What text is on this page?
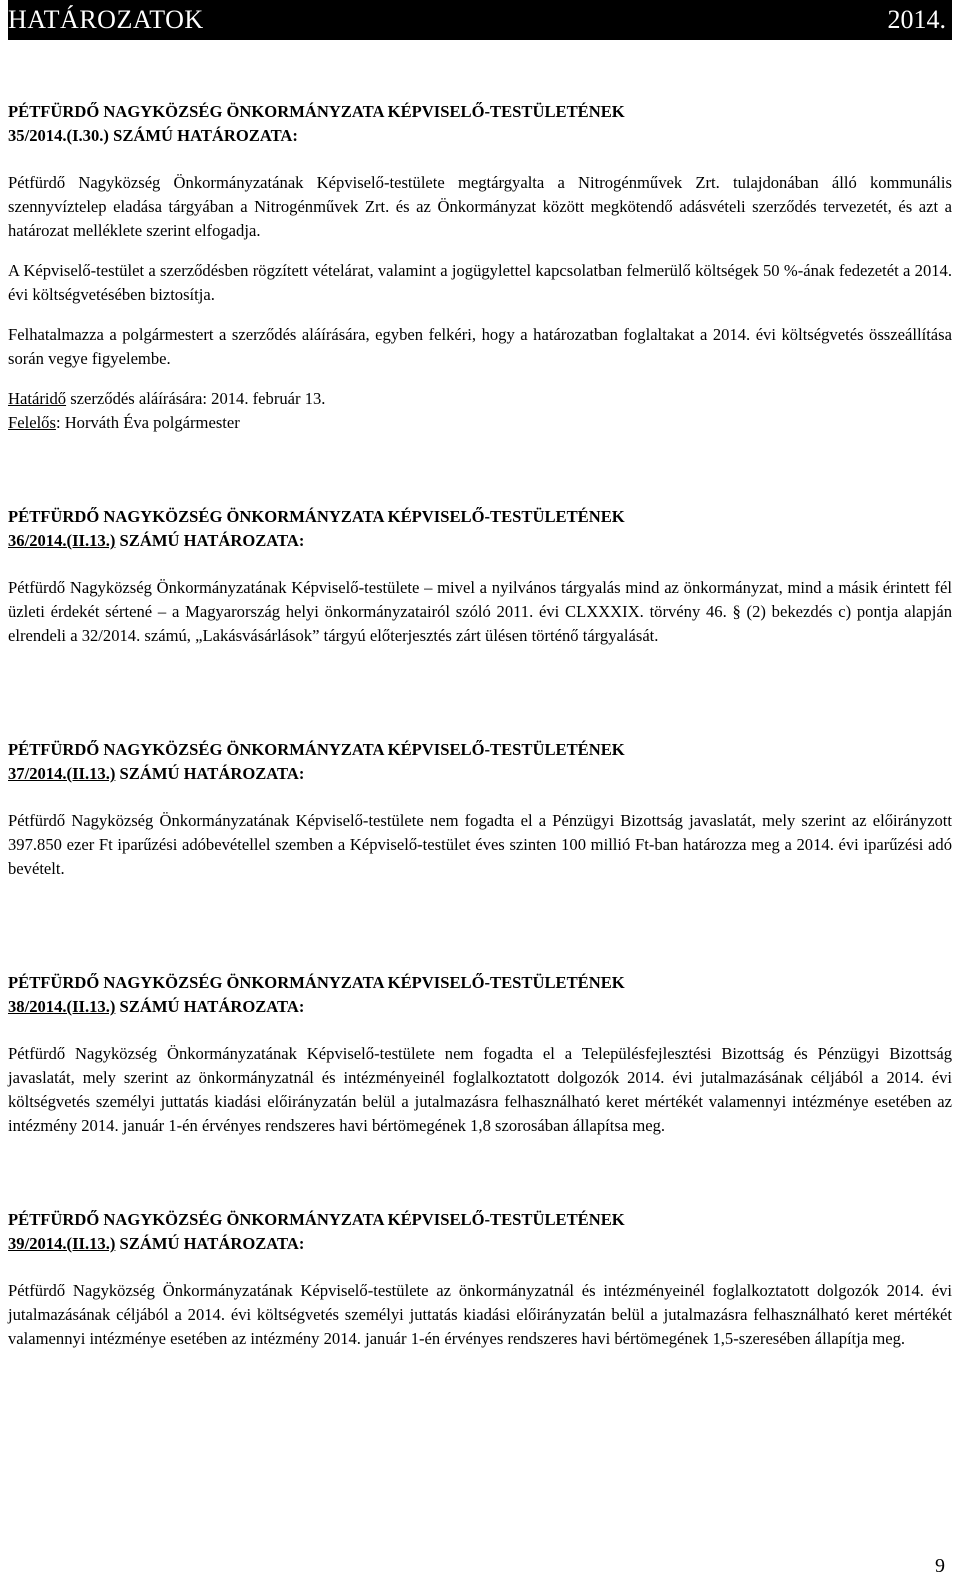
HATÁROZATOK	2014.
PÉTFÜRDŐ NAGYKÖZSÉG ÖNKORMÁNYZATA KÉPVISELŐ-TESTÜLETÉNEK
35/2014.(I.30.) SZÁMÚ HATÁROZATA:

Pétfürdő Nagyközség Önkormányzatának Képviselő-testülete megtárgyalta a Nitrogénművek Zrt. tulajdonában álló kommunális szennyvíztelep eladása tárgyában a Nitrogénművek Zrt. és az Önkormányzat között megkötendő adásvételi szerződés tervezetét, és azt a határozat melléklete szerint elfogadja.

A Képviselő-testület a szerződésben rögzített vételárat, valamint a jogügylettel kapcsolatban felmerülő költségek 50 %-ának fedezetét a 2014. évi költségvetésében biztosítja.

Felhatalmazza a polgármestert a szerződés aláírására, egyben felkéri, hogy a határozatban foglaltakat a 2014. évi költségvetés összeállítása során vegye figyelembe.

Határidő szerződés aláírására: 2014. február 13.
Felelős: Horváth Éva polgármester
PÉTFÜRDŐ NAGYKÖZSÉG ÖNKORMÁNYZATA KÉPVISELŐ-TESTÜLETÉNEK
36/2014.(II.13.) SZÁMÚ HATÁROZATA:

Pétfürdő Nagyközség Önkormányzatának Képviselő-testülete – mivel a nyilvános tárgyalás mind az önkormányzat, mind a másik érintett fél üzleti érdekét sértené – a Magyarország helyi önkormányzatairól szóló 2011. évi CLXXXIX. törvény 46. § (2) bekezdés c) pontja alapján elrendeli a 32/2014. számú, „Lakásvásárlások” tárgyú előterjesztés zárt ülésen történő tárgyalását.

PÉTFÜRDŐ NAGYKÖZSÉG ÖNKORMÁNYZATA KÉPVISELŐ-TESTÜLETÉNEK
37/2014.(II.13.) SZÁMÚ HATÁROZATA:

Pétfürdő Nagyközség Önkormányzatának Képviselő-testülete nem fogadta el a Pénzügyi Bizottság javaslatát, mely szerint az előirányzott 397.850 ezer Ft iparűzési adóbevétellel szemben a Képviselő-testület éves szinten 100 millió Ft-ban határozza meg a 2014. évi iparűzési adó bevételt.

PÉTFÜRDŐ NAGYKÖZSÉG ÖNKORMÁNYZATA KÉPVISELŐ-TESTÜLETÉNEK
38/2014.(II.13.) SZÁMÚ HATÁROZATA:

Pétfürdő Nagyközség Önkormányzatának Képviselő-testülete nem fogadta el a Településfejlesztési Bizottság és Pénzügyi Bizottság javaslatát, mely szerint az önkormányzatnál és intézményeinél foglalkoztatott dolgozók 2014. évi jutalmazásának céljából a 2014. évi költségvetés személyi juttatás kiadási előirányzatán belül a jutalmazásra felhasználható keret mértékét valamennyi intézménye esetében az intézmény 2014. január 1-én érvényes rendszeres havi bértömegének 1,8 szorosában állapítsa meg.

PÉTFÜRDŐ NAGYKÖZSÉG ÖNKORMÁNYZATA KÉPVISELŐ-TESTÜLETÉNEK
39/2014.(II.13.) SZÁMÚ HATÁROZATA:

Pétfürdő Nagyközség Önkormányzatának Képviselő-testülete az önkormányzatnál és intézményeinél foglalkoztatott dolgozók 2014. évi jutalmazásának céljából a 2014. évi költségvetés személyi juttatás kiadási előirányzatán belül a jutalmazásra felhasználható keret mértékét valamennyi intézménye esetében az intézmény 2014. január 1-én érvényes rendszeres havi bértömegének 1,5-szeresében állapítja meg.

9
